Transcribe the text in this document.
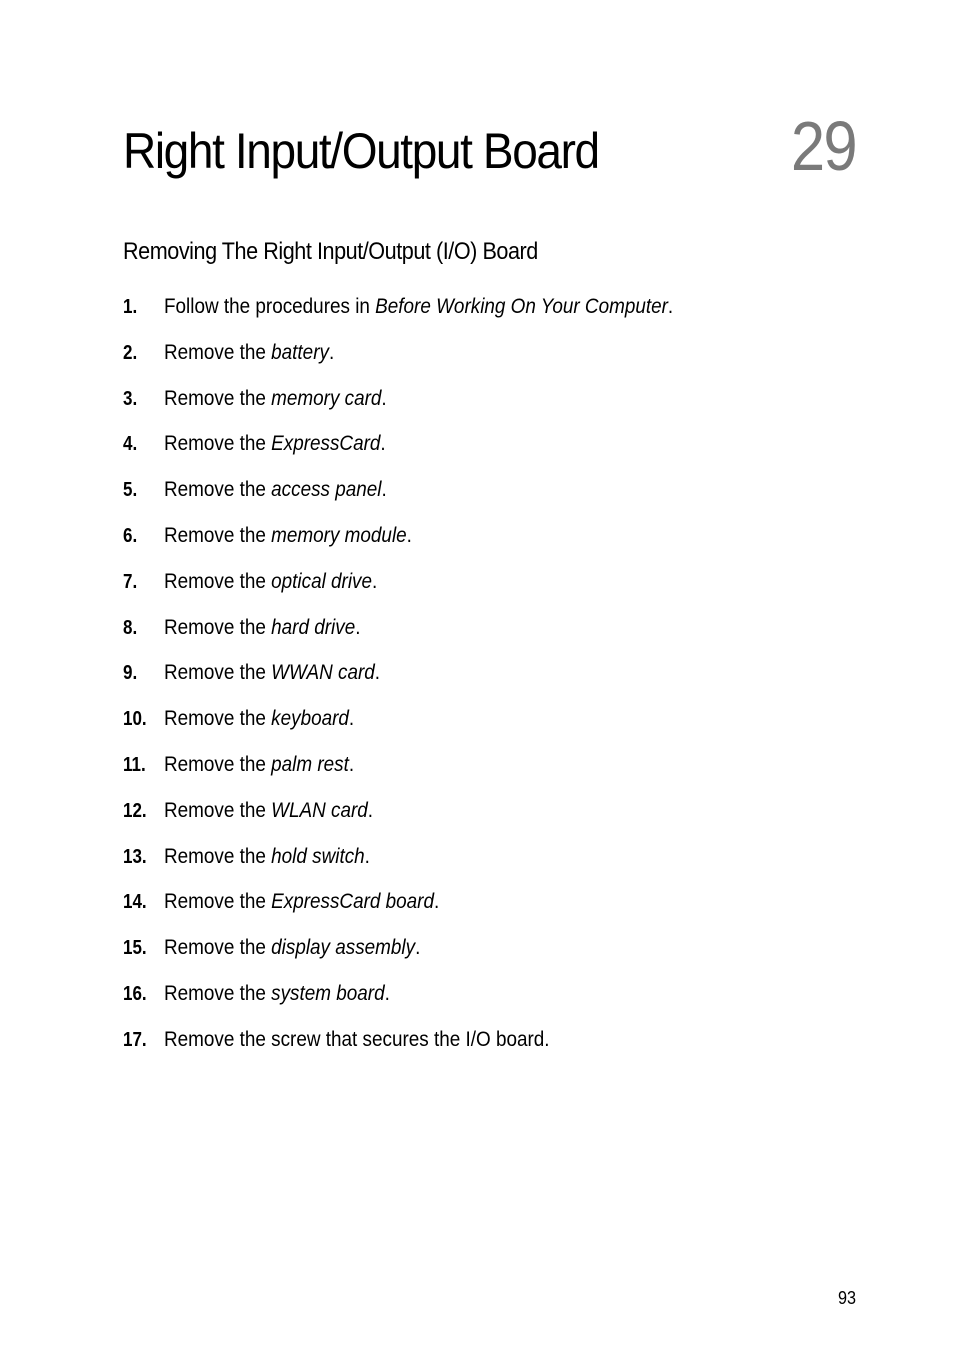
Right Input/Output Board	29
Removing The Right Input/Output (I/O) Board
1. Follow the procedures in Before Working On Your Computer.
2. Remove the battery.
3. Remove the memory card.
4. Remove the ExpressCard.
5. Remove the access panel.
6. Remove the memory module.
7. Remove the optical drive.
8. Remove the hard drive.
9. Remove the WWAN card.
10. Remove the keyboard.
11. Remove the palm rest.
12. Remove the WLAN card.
13. Remove the hold switch.
14. Remove the ExpressCard board.
15. Remove the display assembly.
16. Remove the system board.
17. Remove the screw that secures the I/O board.
93
